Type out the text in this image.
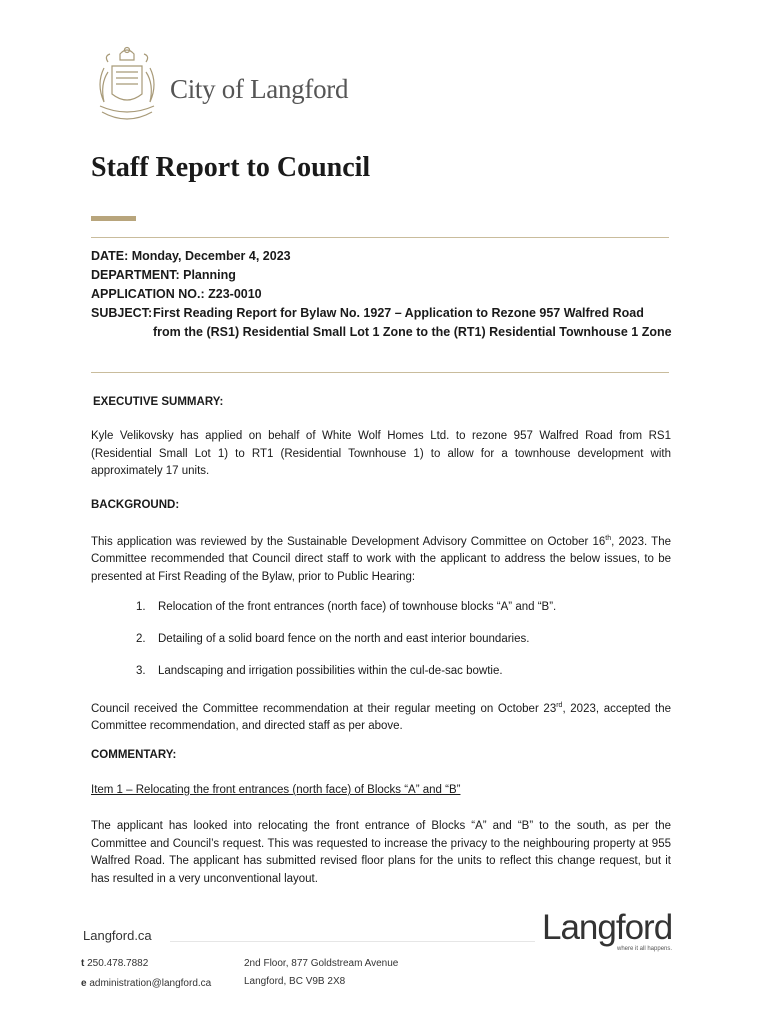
City of Langford
Staff Report to Council
DATE: Monday, December 4, 2023
DEPARTMENT: Planning
APPLICATION NO.: Z23-0010
SUBJECT:First Reading Report for Bylaw No. 1927 – Application to Rezone 957 Walfred Road from the (RS1) Residential Small Lot 1 Zone to the (RT1) Residential Townhouse 1 Zone
EXECUTIVE SUMMARY:
Kyle Velikovsky has applied on behalf of White Wolf Homes Ltd. to rezone 957 Walfred Road from RS1 (Residential Small Lot 1) to RT1 (Residential Townhouse 1) to allow for a townhouse development with approximately 17 units.
BACKGROUND:
This application was reviewed by the Sustainable Development Advisory Committee on October 16th, 2023. The Committee recommended that Council direct staff to work with the applicant to address the below issues, to be presented at First Reading of the Bylaw, prior to Public Hearing:
1. Relocation of the front entrances (north face) of townhouse blocks “A” and “B”.
2. Detailing of a solid board fence on the north and east interior boundaries.
3. Landscaping and irrigation possibilities within the cul-de-sac bowtie.
Council received the Committee recommendation at their regular meeting on October 23rd, 2023, accepted the Committee recommendation, and directed staff as per above.
COMMENTARY:
Item 1 – Relocating the front entrances (north face) of Blocks “A” and “B”
The applicant has looked into relocating the front entrance of Blocks “A” and “B” to the south, as per the Committee and Council’s request. This was requested to increase the privacy to the neighbouring property at 955 Walfred Road. The applicant has submitted revised floor plans for the units to reflect this change request, but it has resulted in a very unconventional layout.
Langford.ca	Langford
where it all happens.
t 250.478.7882
e administration@langford.ca
2nd Floor, 877 Goldstream Avenue
Langford, BC V9B 2X8
